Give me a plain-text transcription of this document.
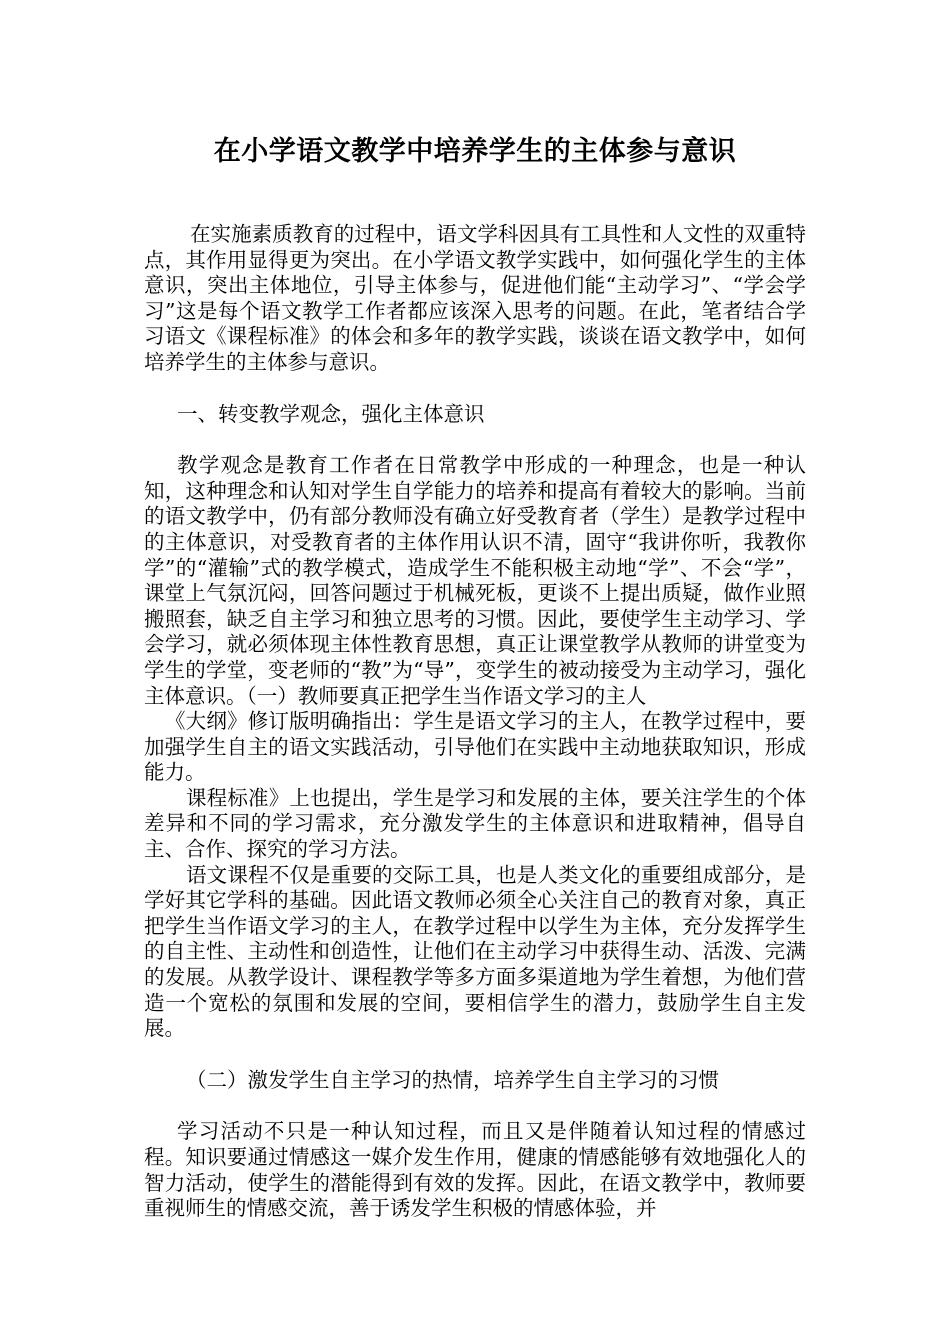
在小学语文教学中培养学生的主体参与意识

在实施素质教育的过程中，语文学科因具有工具性和人文性的双重特点，其作用显得更为突出。在小学语文教学实践中，如何强化学生的主体意识，突出主体地位，引导主体参与，促进他们能“主动学习”、“学会学习”这是每个语文教学工作者都应该深入思考的问题。在此，笔者结合学习语文《课程标准》的体会和多年的教学实践，谈谈在语文教学中，如何培养学生的主体参与意识。

一、转变教学观念，强化主体意识

教学观念是教育工作者在日常教学中形成的一种理念，也是一种认知，这种理念和认知对学生自学能力的培养和提高有着较大的影响。当前的语文教学中，仍有部分教师没有确立好受教育者（学生）是教学过程中的主体意识，对受教育者的主体作用认识不清，固守“我讲你听，我教你学”的“灌输”式的教学模式，造成学生不能积极主动地“学”、不会“学”，课堂上气氛沉闷，回答问题过于机械死板，更谈不上提出质疑，做作业照搬照套，缺乏自主学习和独立思考的习惯。因此，要使学生主动学习、学会学习，就必须体现主体性教育思想，真正让课堂教学从教师的讲堂变为学生的学堂，变老师的“教”为“导”，变学生的被动接受为主动学习，强化主体意识。（一）教师要真正把学生当作语文学习的主人

《大纲》修订版明确指出：学生是语文学习的主人，在教学过程中，要加强学生自主的语文实践活动，引导他们在实践中主动地获取知识，形成能力。

课程标准》上也提出，学生是学习和发展的主体，要关注学生的个体差异和不同的学习需求，充分激发学生的主体意识和进取精神，倡导自主、合作、探究的学习方法。

语文课程不仅是重要的交际工具，也是人类文化的重要组成部分，是学好其它学科的基础。因此语文教师必须全心关注自己的教育对象，真正把学生当作语文学习的主人，在教学过程中以学生为主体，充分发挥学生的自主性、主动性和创造性，让他们在主动学习中获得生动、活泼、完满的发展。从教学设计、课程教学等多方面多渠道地为学生着想，为他们营造一个宽松的氛围和发展的空间，要相信学生的潜力，鼓励学生自主发展。

（二）激发学生自主学习的热情，培养学生自主学习的习惯

学习活动不只是一种认知过程，而且又是伴随着认知过程的情感过程。知识要通过情感这一媒介发生作用，健康的情感能够有效地强化人的智力活动，使学生的潜能得到有效的发挥。因此，在语文教学中，教师要重视师生的情感交流，善于诱发学生积极的情感体验，并
